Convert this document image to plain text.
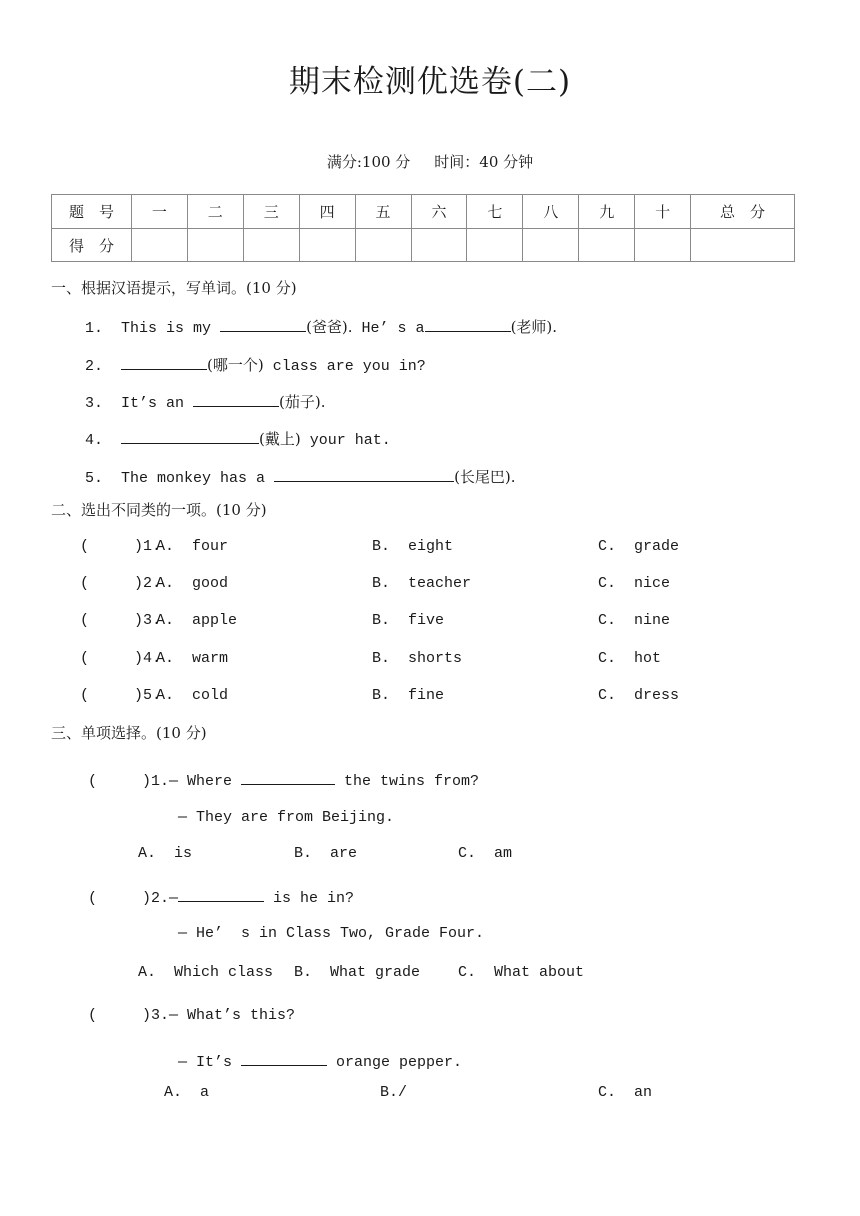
期末检测优选卷(二)
满分:100 分 时间：40 分钟
题　号	一	二	三	四	五	六	七	八	九	十	总　分
得　分											
一、根据汉语提示，写单词。(10 分)
1. This is my	(爸爸). He’ s a	(老师).
2.	(哪一个) class are you in?
3. It’s an	(茄子).
4.	(戴上) your hat.
5. The monkey has a	(长尾巴).
二、选出不同类的一项。(10 分)
(     )1.
A.  four	B.  eight	C.  grade
(     )2.
A.  good	B.  teacher	C.  nice
(     )3.
A.  apple	B.  five	C.  nine
(     )4.
A.  warm	B.  shorts	C.  hot
(     )5.
A.  cold	B.  fine	C.  dress
三、单项选择。(10 分)
(     )1.— Where	the twins from?
— They are from Beijing.
A.  is	B.  are	C.  am
(     )2.—	is he in?
— He’  s in Class Two, Grade Four.
A.  Which class B.  What grade	C.  What about
(     )3.— What’s this?
— It’s	orange pepper.
A.  a	B./	C.  an
